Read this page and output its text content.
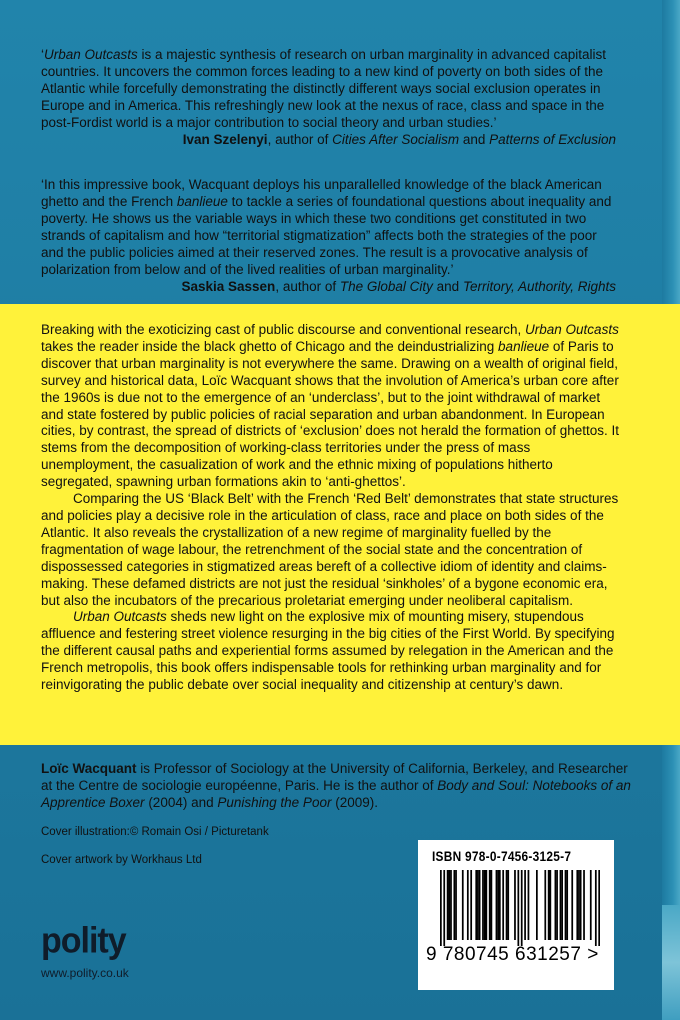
‘Urban Outcasts is a majestic synthesis of research on urban marginality in advanced capitalist countries. It uncovers the common forces leading to a new kind of poverty on both sides of the Atlantic while forcefully demonstrating the distinctly different ways social exclusion operates in Europe and in America. This refreshingly new look at the nexus of race, class and space in the post-Fordist world is a major contribution to social theory and urban studies.’

Ivan Szelenyi, author of Cities After Socialism and Patterns of Exclusion

‘In this impressive book, Wacquant deploys his unparallelled knowledge of the black American ghetto and the French banlieue to tackle a series of foundational questions about inequality and poverty. He shows us the variable ways in which these two conditions get constituted in two strands of capitalism and how “territorial stigmatization” affects both the strategies of the poor and the public policies aimed at their reserved zones. The result is a provocative analysis of polarization from below and of the lived realities of urban marginality.’

Saskia Sassen, author of The Global City and Territory, Authority, Rights

Breaking with the exoticizing cast of public discourse and conventional research, Urban Outcasts takes the reader inside the black ghetto of Chicago and the deindustrializing banlieue of Paris to discover that urban marginality is not everywhere the same. Drawing on a wealth of original field, survey and historical data, Loïc Wacquant shows that the involution of America’s urban core after the 1960s is due not to the emergence of an ‘underclass’, but to the joint withdrawal of market and state fostered by public policies of racial separation and urban abandonment. In European cities, by contrast, the spread of districts of ‘exclusion’ does not herald the formation of ghettos. It stems from the decomposition of working-class territories under the press of mass unemployment, the casualization of work and the ethnic mixing of populations hitherto segregated, spawning urban formations akin to ‘anti-ghettos’.

Comparing the US ‘Black Belt’ with the French ‘Red Belt’ demonstrates that state structures and policies play a decisive role in the articulation of class, race and place on both sides of the Atlantic. It also reveals the crystallization of a new regime of marginality fuelled by the fragmentation of wage labour, the retrenchment of the social state and the concentration of dispossessed categories in stigmatized areas bereft of a collective idiom of identity and claims-making. These defamed districts are not just the residual ‘sinkholes’ of a bygone economic era, but also the incubators of the precarious proletariat emerging under neoliberal capitalism.

Urban Outcasts sheds new light on the explosive mix of mounting misery, stupendous affluence and festering street violence resurging in the big cities of the First World. By specifying the different causal paths and experiential forms assumed by relegation in the American and the French metropolis, this book offers indispensable tools for rethinking urban marginality and for reinvigorating the public debate over social inequality and citizenship at century’s dawn.

Loïc Wacquant is Professor of Sociology at the University of California, Berkeley, and Researcher at the Centre de sociologie européenne, Paris. He is the author of Body and Soul: Notebooks of an Apprentice Boxer (2004) and Punishing the Poor (2009).
Cover illustration:© Romain Osi / Picturetank
Cover artwork by Workhaus Ltd
polity
www.polity.co.uk
ISBN 978-0-7456-3125-7
9 780745 631257 >
